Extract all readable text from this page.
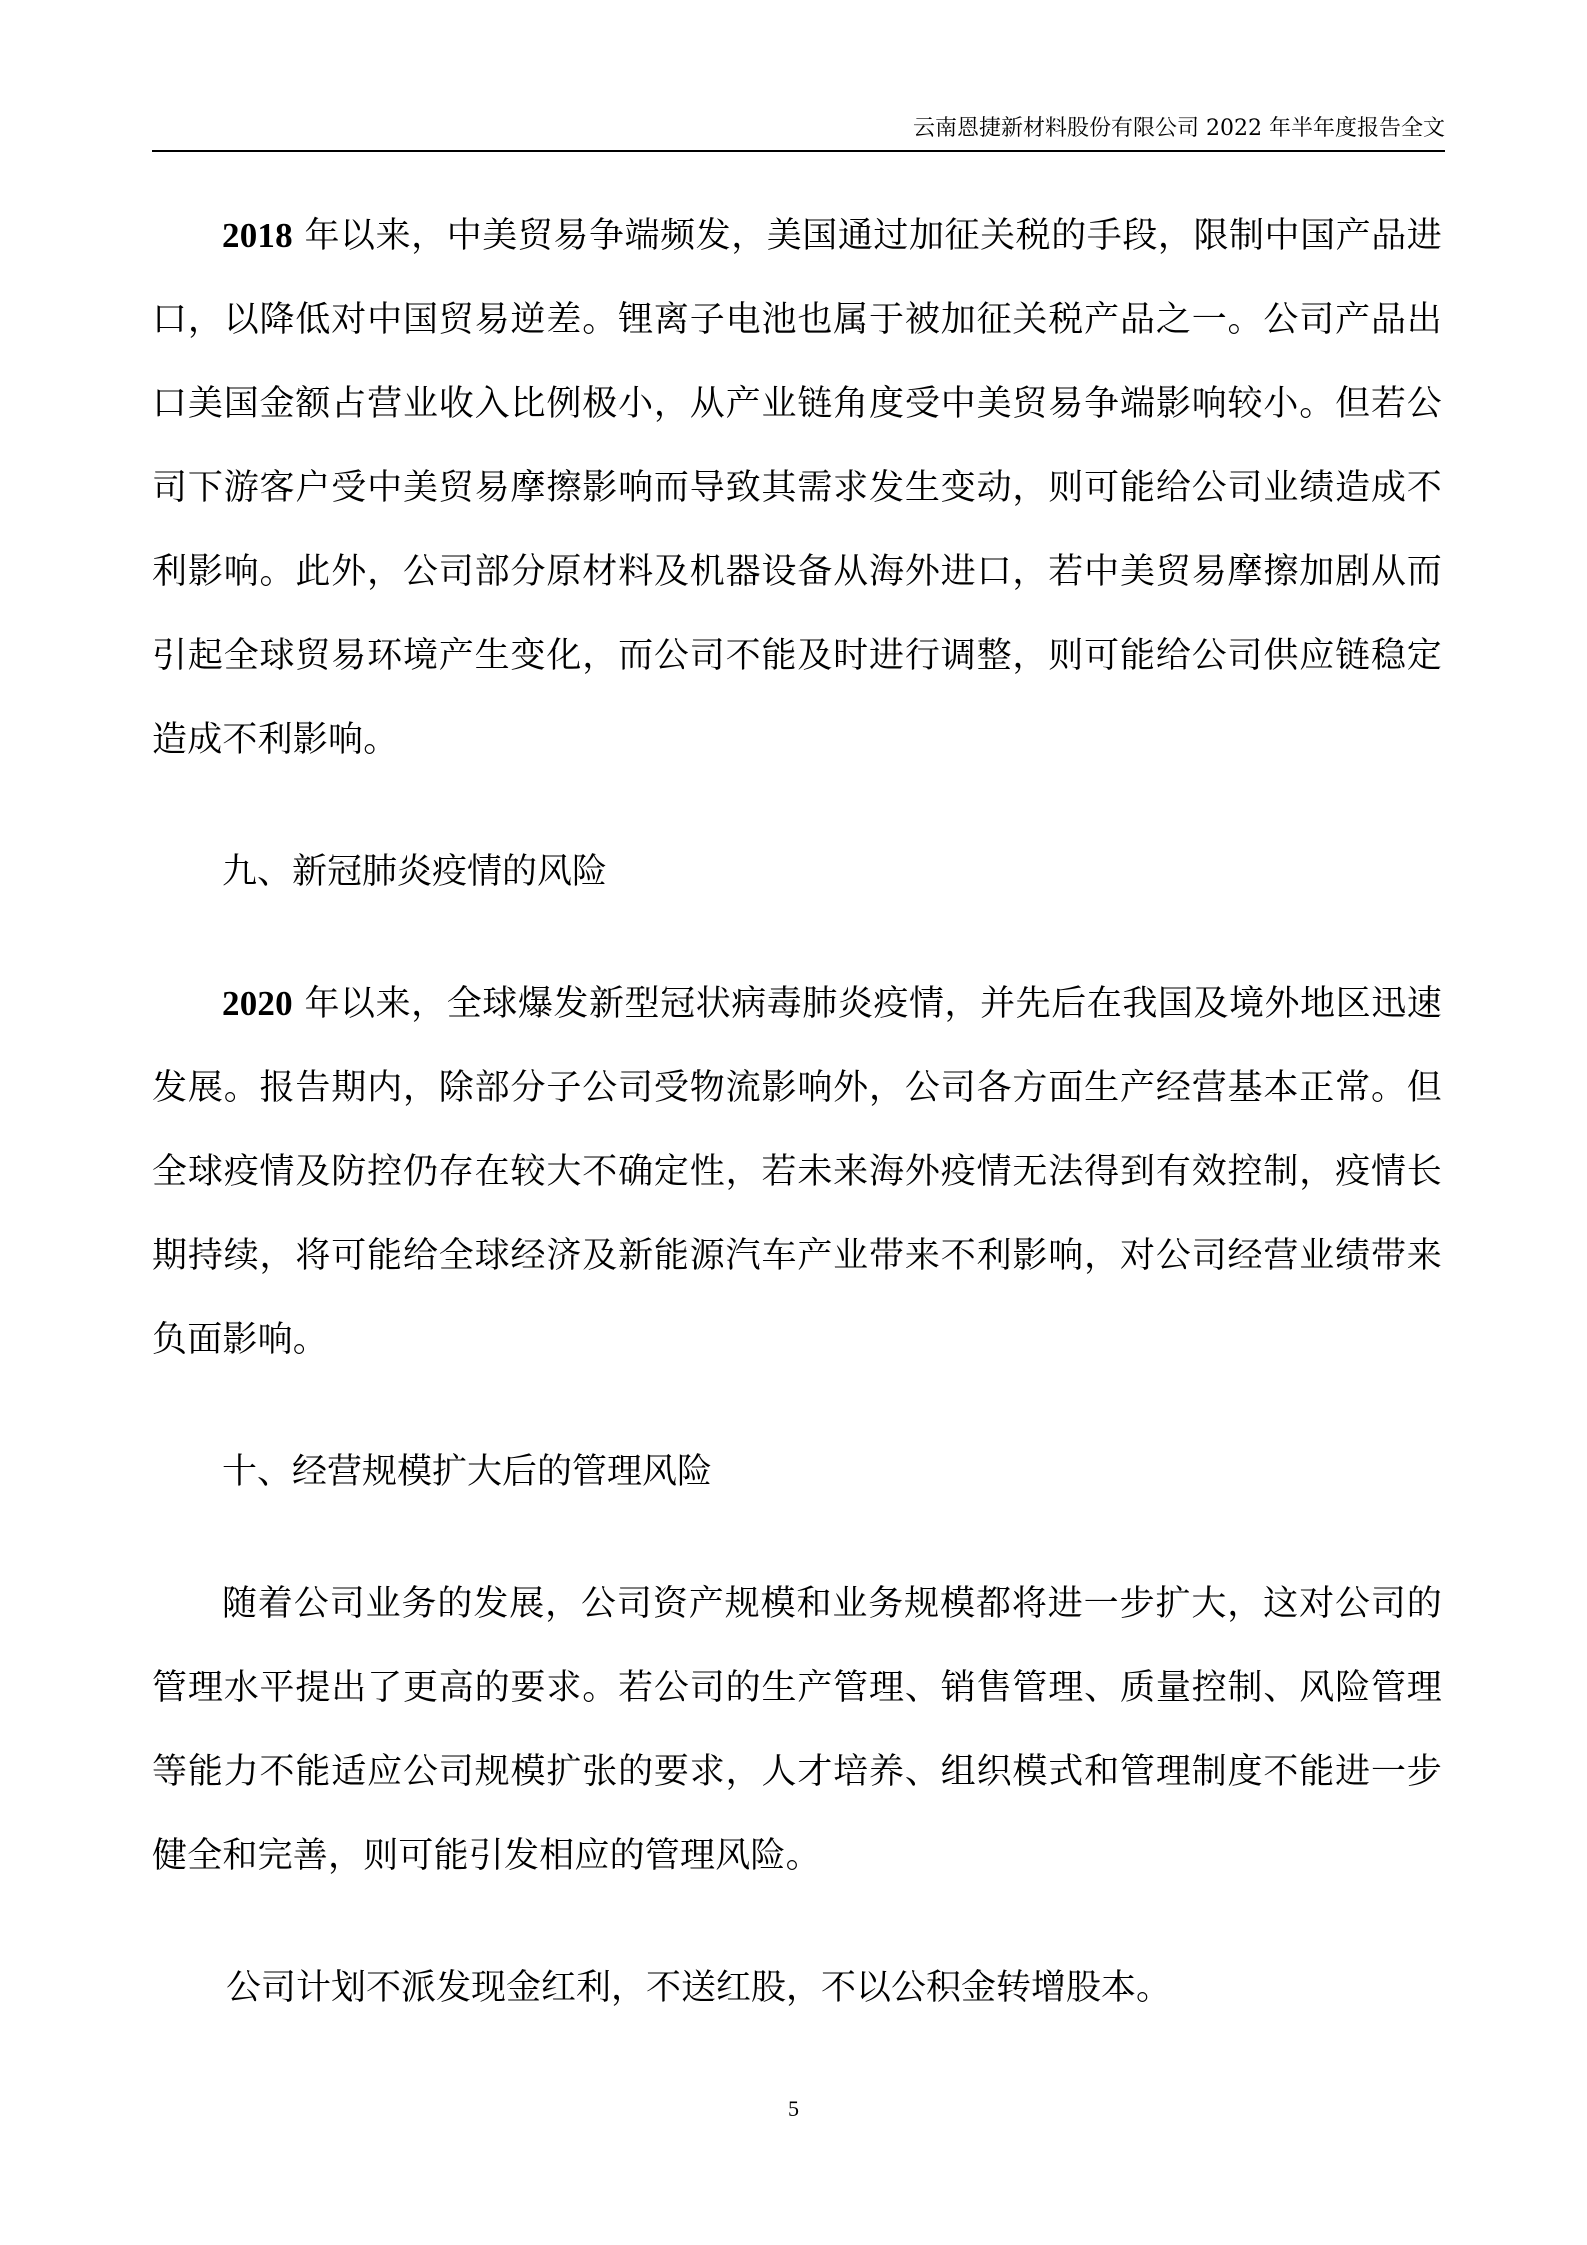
云南恩捷新材料股份有限公司 2022 年半年度报告全文

2018 年以来，中美贸易争端频发，美国通过加征关税的手段，限制中国产品进口，以降低对中国贸易逆差。锂离子电池也属于被加征关税产品之一。公司产品出口美国金额占营业收入比例极小，从产业链角度受中美贸易争端影响较小。但若公司下游客户受中美贸易摩擦影响而导致其需求发生变动，则可能给公司业绩造成不利影响。此外，公司部分原材料及机器设备从海外进口，若中美贸易摩擦加剧从而引起全球贸易环境产生变化，而公司不能及时进行调整，则可能给公司供应链稳定造成不利影响。

九、新冠肺炎疫情的风险

2020 年以来，全球爆发新型冠状病毒肺炎疫情，并先后在我国及境外地区迅速发展。报告期内，除部分子公司受物流影响外，公司各方面生产经营基本正常。但全球疫情及防控仍存在较大不确定性，若未来海外疫情无法得到有效控制，疫情长期持续，将可能给全球经济及新能源汽车产业带来不利影响，对公司经营业绩带来负面影响。

十、经营规模扩大后的管理风险

随着公司业务的发展，公司资产规模和业务规模都将进一步扩大，这对公司的管理水平提出了更高的要求。若公司的生产管理、销售管理、质量控制、风险管理等能力不能适应公司规模扩张的要求，人才培养、组织模式和管理制度不能进一步健全和完善，则可能引发相应的管理风险。

公司计划不派发现金红利，不送红股，不以公积金转增股本。

5
